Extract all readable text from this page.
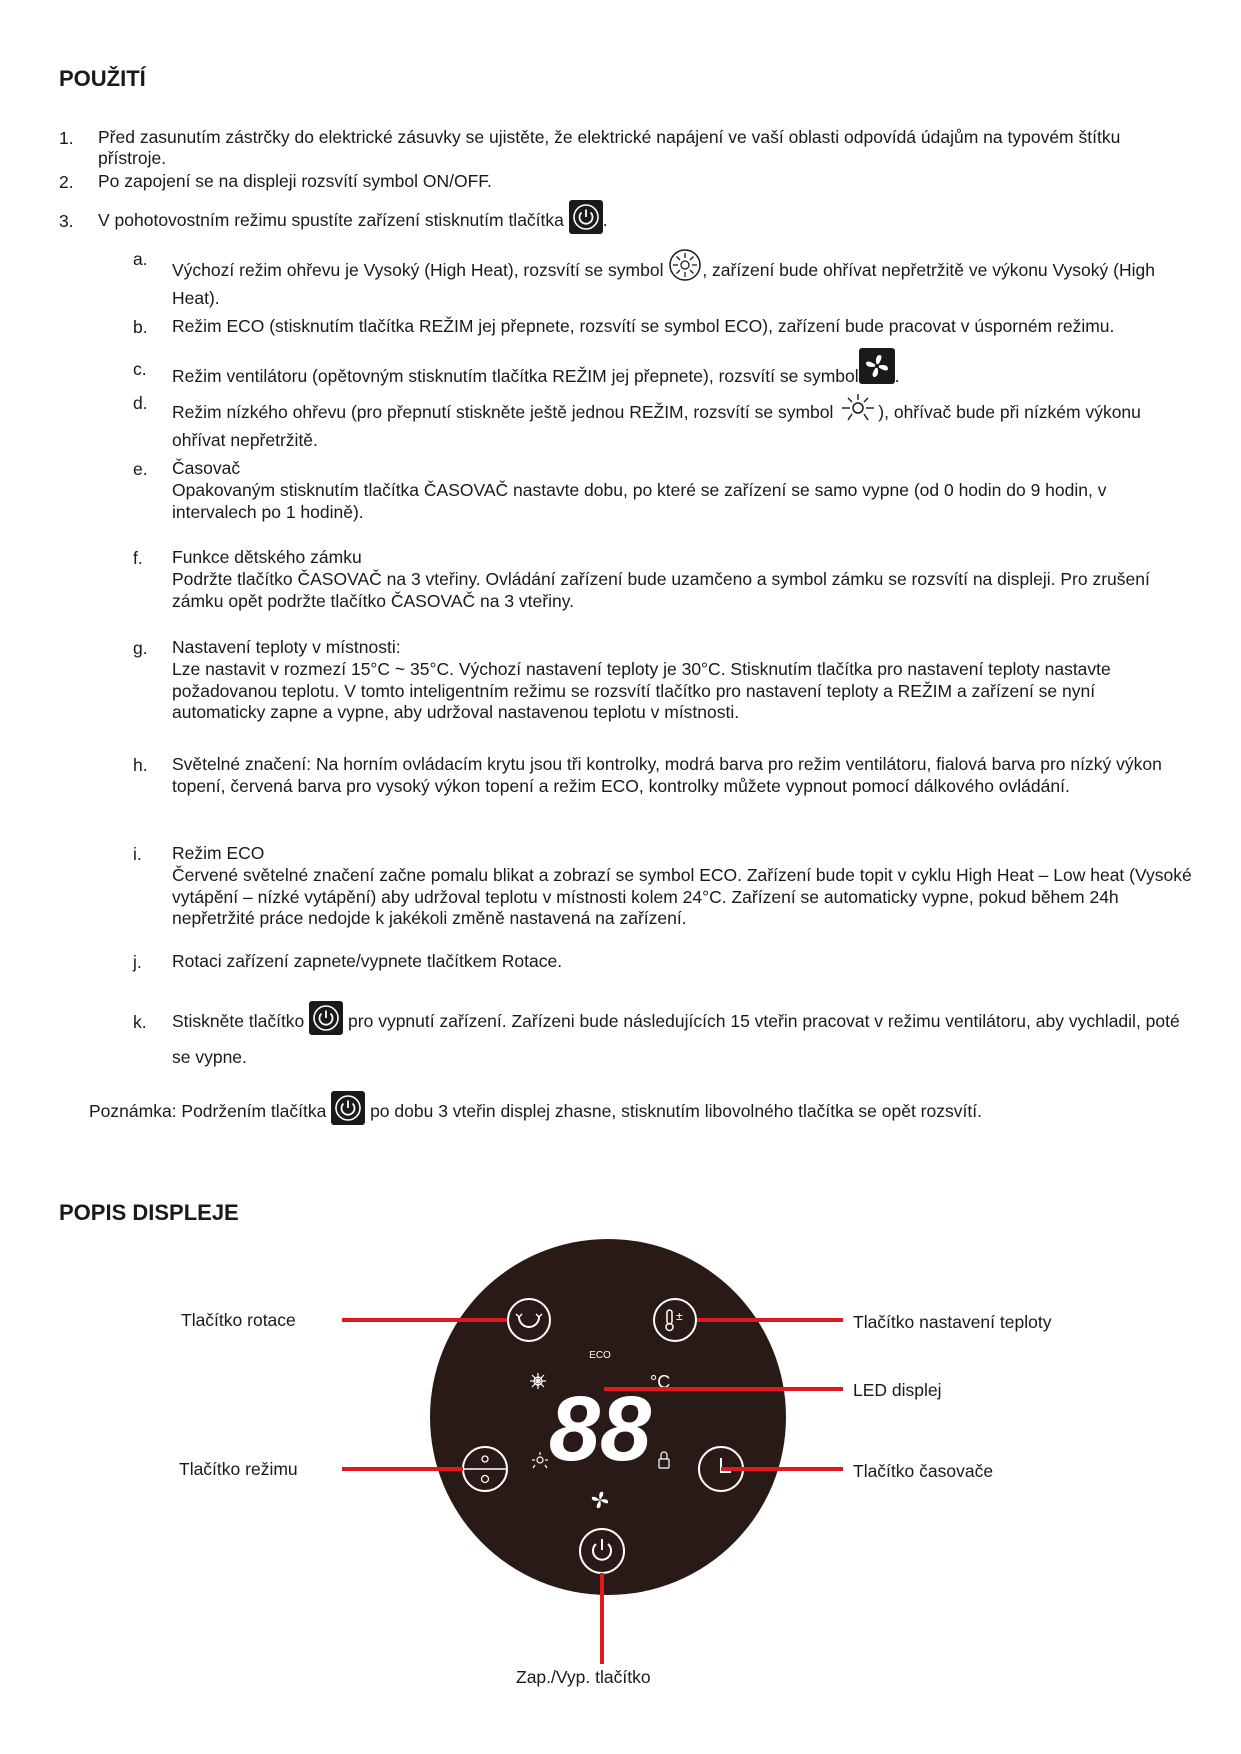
POUŽITÍ
1. Před zasunutím zástrčky do elektrické zásuvky se ujistěte, že elektrické napájení ve vaší oblasti odpovídá údajům na typovém štítku přístroje.
2. Po zapojení se na displeji rozsvítí symbol ON/OFF.
3. V pohotovostním režimu spustíte zařízení stisknutím tlačítka .
a.
Výchozí režim ohřevu je Vysoký (High Heat), rozsvítí se symbol , zařízení bude ohřívat nepřetržitě ve výkonu Vysoký (High Heat).
b. Režim ECO (stisknutím tlačítka REŽIM jej přepnete, rozsvítí se symbol ECO), zařízení bude pracovat v úsporném režimu.
c. Režim ventilátoru (opětovným stisknutím tlačítka REŽIM jej přepnete), rozsvítí se symbol .
d. Režim nízkého ohřevu (pro přepnutí stiskněte ještě jednou REŽIM, rozsvítí se symbol	), ohřívač bude při nízkém výkonu ohřívat nepřetržitě.
e. Časovač
Opakovaným stisknutím tlačítka ČASOVAČ nastavte dobu, po které se zařízení se samo vypne (od 0 hodin do 9 hodin, v intervalech po 1 hodině).
f. Funkce dětského zámku
Podržte tlačítko ČASOVAČ na 3 vteřiny. Ovládání zařízení bude uzamčeno a symbol zámku se rozsvítí na displeji. Pro zrušení zámku opět podržte tlačítko ČASOVAČ na 3 vteřiny.
g. Nastavení teploty v místnosti:
Lze nastavit v rozmezí 15°C ~ 35°C. Výchozí nastavení teploty je 30°C. Stisknutím tlačítka pro nastavení teploty nastavte požadovanou teplotu. V tomto inteligentním režimu se rozsvítí tlačítko pro nastavení teploty a REŽIM a zařízení se nyní automaticky zapne a vypne, aby udržoval nastavenou teplotu v místnosti.
h. Světelné značení: Na horním ovládacím krytu jsou tři kontrolky, modrá barva pro režim ventilátoru, fialová barva pro nízký výkon topení, červená barva pro vysoký výkon topení a režim ECO, kontrolky můžete vypnout pomocí dálkového ovládání.
i. Režim ECO
Červené světelné značení začne pomalu blikat a zobrazí se symbol ECO. Zařízení bude topit v cyklu High Heat – Low heat (Vysoké vytápění – nízké vytápění) aby udržoval teplotu v místnosti kolem 24°C. Zařízení se automaticky vypne, pokud během 24h nepřetržité práce nedojde k jakékoli změně nastavená na zařízení.
j. Rotaci zařízení zapnete/vypnete tlačítkem Rotace.
k. Stiskněte tlačítko	pro vypnutí zařízení. Zařízeni bude následujících 15 vteřin pracovat v režimu ventilátoru, aby vychladil, poté se vypne.
Poznámka: Podržením tlačítka	po dobu 3 vteřin displej zhasne, stisknutím libovolného tlačítka se opět rozsvítí.
POPIS DISPLEJE
±
ECO
88
°C
Tlačítko rotace
Tlačítko režimu
Tlačítko nastavení teploty
LED displej
Tlačítko časovače
Zap./Vyp. tlačítko
